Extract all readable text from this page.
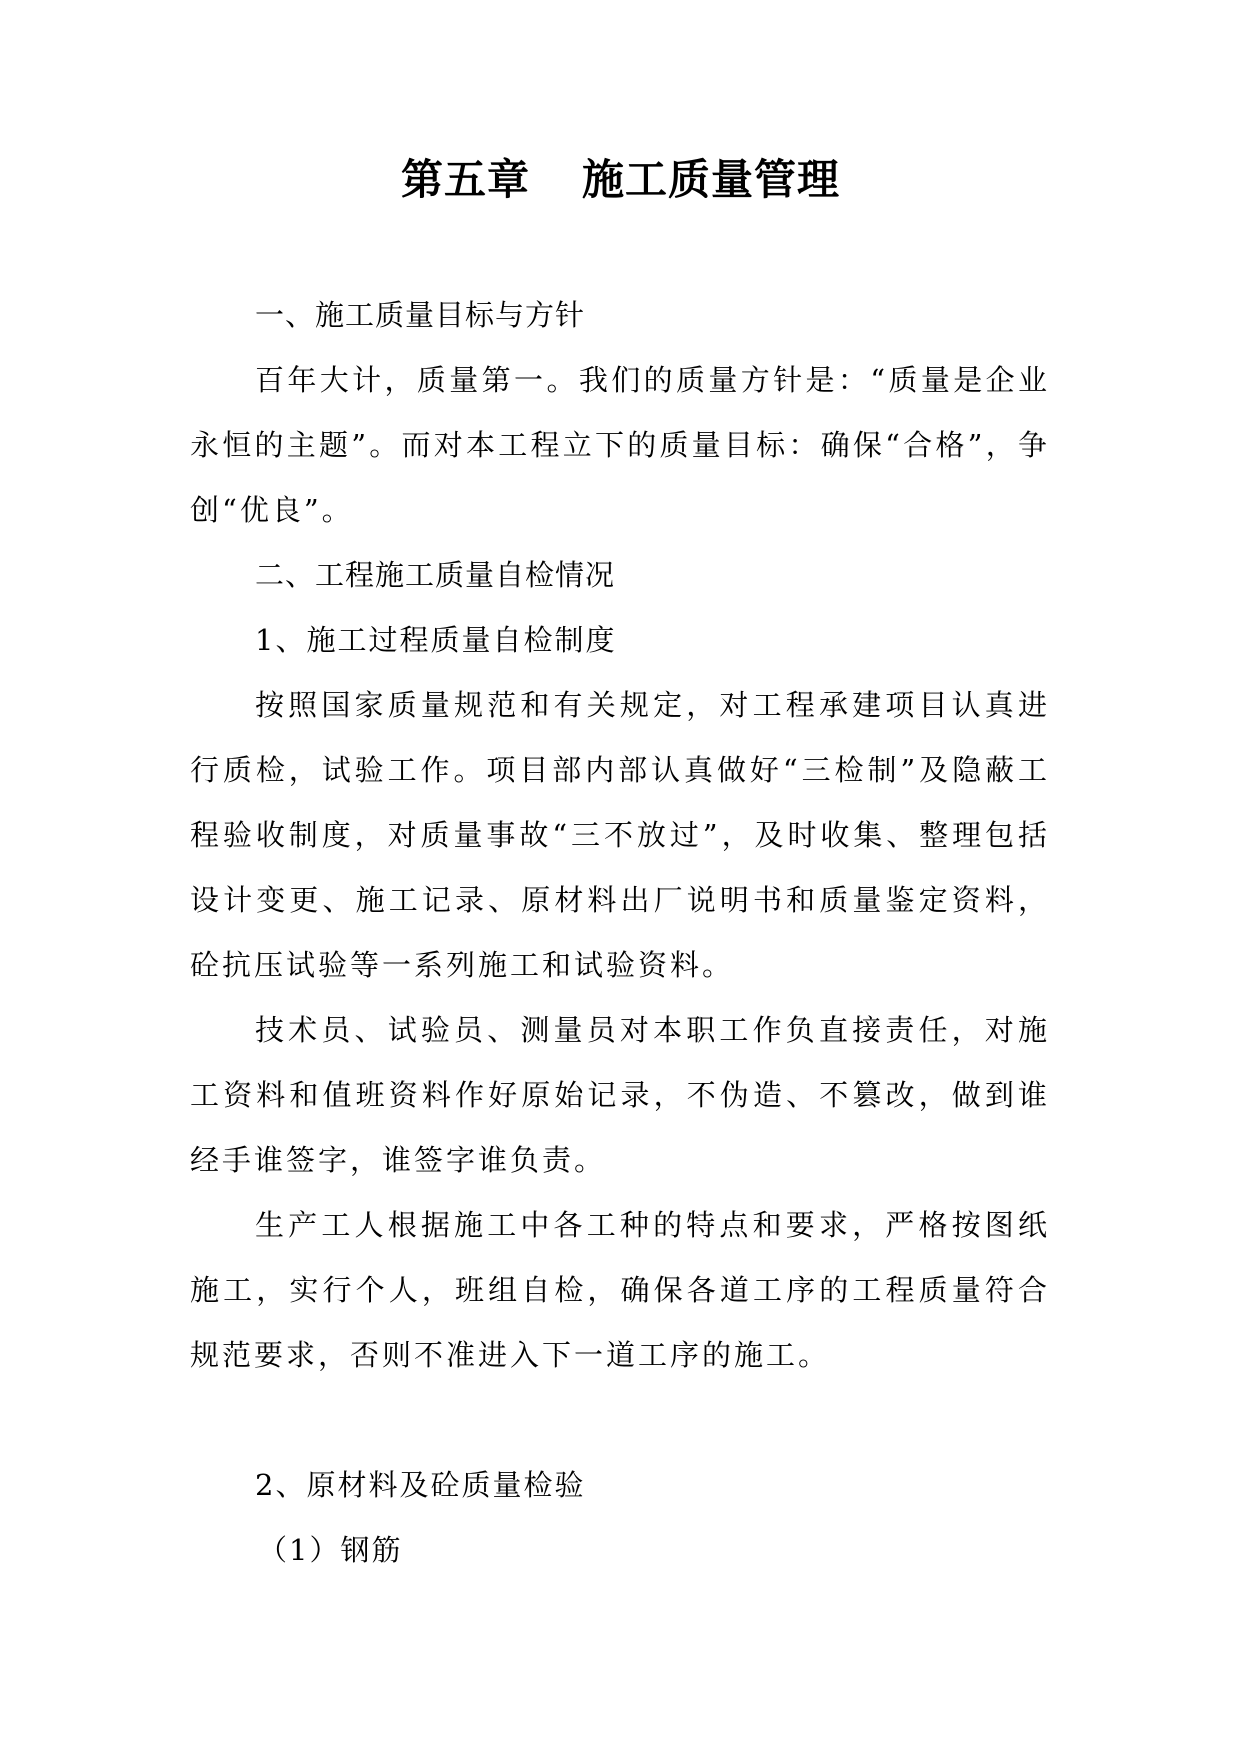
第五章 施工质量管理

一、施工质量目标与方针

百年大计，质量第一。我们的质量方针是：“质量是企业永恒的主题”。而对本工程立下的质量目标：确保“合格”，争创“优良”。

二、工程施工质量自检情况

1、施工过程质量自检制度

按照国家质量规范和有关规定，对工程承建项目认真进行质检，试验工作。项目部内部认真做好“三检制”及隐蔽工程验收制度，对质量事故“三不放过”，及时收集、整理包括设计变更、施工记录、原材料出厂说明书和质量鉴定资料，砼抗压试验等一系列施工和试验资料。

技术员、试验员、测量员对本职工作负直接责任，对施工资料和值班资料作好原始记录，不伪造、不篡改，做到谁经手谁签字，谁签字谁负责。

生产工人根据施工中各工种的特点和要求，严格按图纸施工，实行个人，班组自检，确保各道工序的工程质量符合规范要求，否则不准进入下一道工序的施工。

2、原材料及砼质量检验

（1）钢筋
